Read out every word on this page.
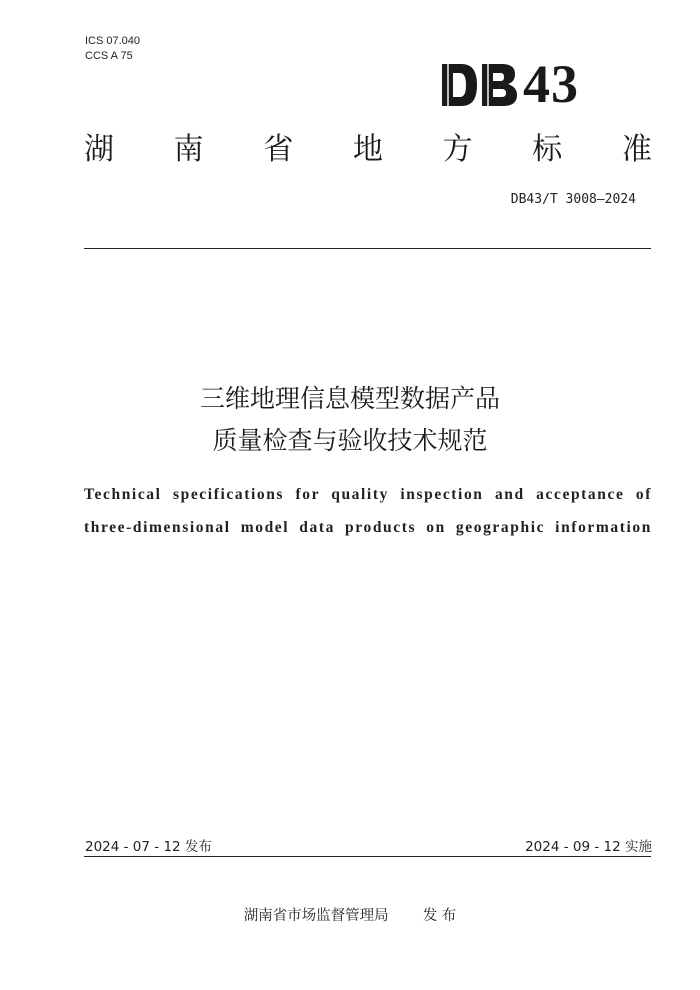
ICS 07.040
CCS A 75	43
湖 南 省 地 方 标 准
DB43/T 3008—2024
三维地理信息模型数据产品
质量检查与验收技术规范
Technical specifications for quality inspection and acceptance of
three-dimensional model data products on geographic information
2024 - 07 - 12 发布	2024 - 09 - 12 实施
湖南省市场监督管理局 发 布
